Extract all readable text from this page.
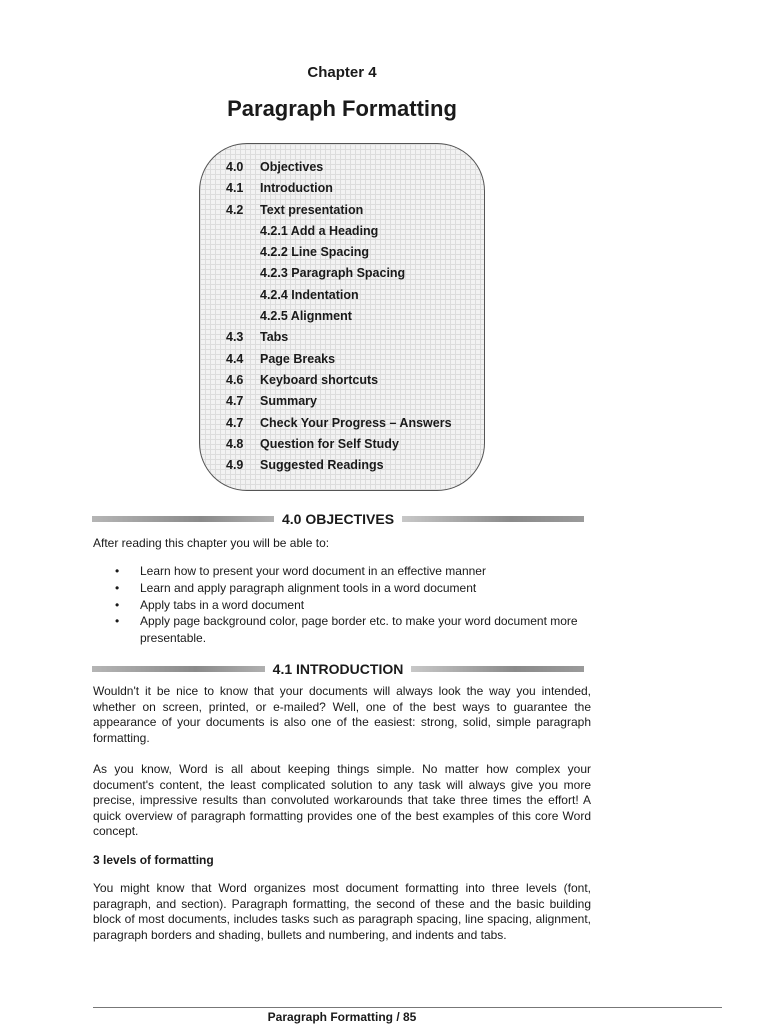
Chapter 4
Paragraph Formatting
4.0	Objectives
4.1	Introduction
4.2	Text presentation
4.2.1 Add a Heading
4.2.2 Line Spacing
4.2.3 Paragraph Spacing
4.2.4 Indentation
4.2.5 Alignment
4.3	Tabs
4.4	Page Breaks
4.6	Keyboard shortcuts
4.7	Summary
4.7	Check Your Progress – Answers
4.8	Question for Self Study
4.9	Suggested Readings
4.0 OBJECTIVES

After reading this chapter you will be able to:

• Learn how to present your word document in an effective manner
• Learn and apply paragraph alignment tools in a word document
• Apply tabs in a word document
• Apply page background color, page border etc. to make your word document more presentable.
4.1 INTRODUCTION

Wouldn't it be nice to know that your documents will always look the way you intended, whether on screen, printed, or e-mailed? Well, one of the best ways to guarantee the appearance of your documents is also one of the easiest: strong, solid, simple paragraph formatting.

As you know, Word is all about keeping things simple. No matter how complex your document's content, the least complicated solution to any task will always give you more precise, impressive results than convoluted workarounds that take three times the effort! A quick overview of paragraph formatting provides one of the best examples of this core Word concept.

3 levels of formatting

You might know that Word organizes most document formatting into three levels (font, paragraph, and section). Paragraph formatting, the second of these and the basic building block of most documents, includes tasks such as paragraph spacing, line spacing, alignment, paragraph borders and shading, bullets and numbering, and indents and tabs.

Paragraph Formatting / 85
